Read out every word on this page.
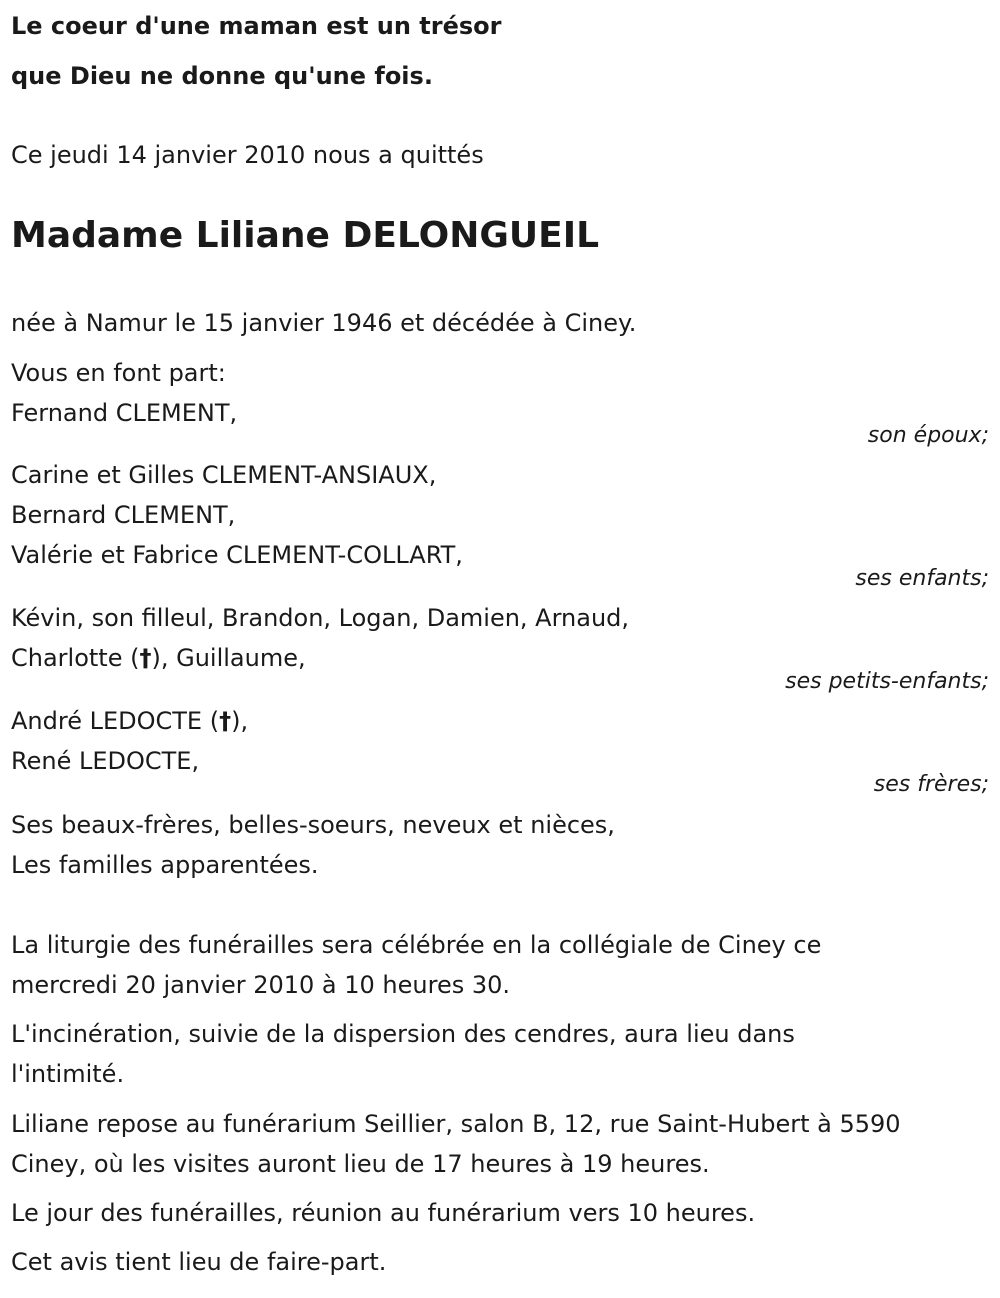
Le coeur d'une maman est un trésor
que Dieu ne donne qu'une fois.
Ce jeudi 14 janvier 2010 nous a quittés
Madame Liliane DELONGUEIL
née à Namur le 15 janvier 1946 et décédée à Ciney.
Vous en font part:
Fernand CLEMENT,
son époux;
Carine et Gilles CLEMENT-ANSIAUX,
Bernard CLEMENT,
Valérie et Fabrice CLEMENT-COLLART,
ses enfants;
Kévin, son filleul, Brandon, Logan, Damien, Arnaud,
Charlotte (†), Guillaume,
ses petits-enfants;
André LEDOCTE (†),
René LEDOCTE,
ses frères;
Ses beaux-frères, belles-soeurs, neveux et nièces,
Les familles apparentées.
La liturgie des funérailles sera célébrée en la collégiale de Ciney ce
mercredi 20 janvier 2010 à 10 heures 30.
L'incinération, suivie de la dispersion des cendres, aura lieu dans
l'intimité.
Liliane repose au funérarium Seillier, salon B, 12, rue Saint-Hubert à 5590
Ciney, où les visites auront lieu de 17 heures à 19 heures.
Le jour des funérailles, réunion au funérarium vers 10 heures.
Cet avis tient lieu de faire-part.
